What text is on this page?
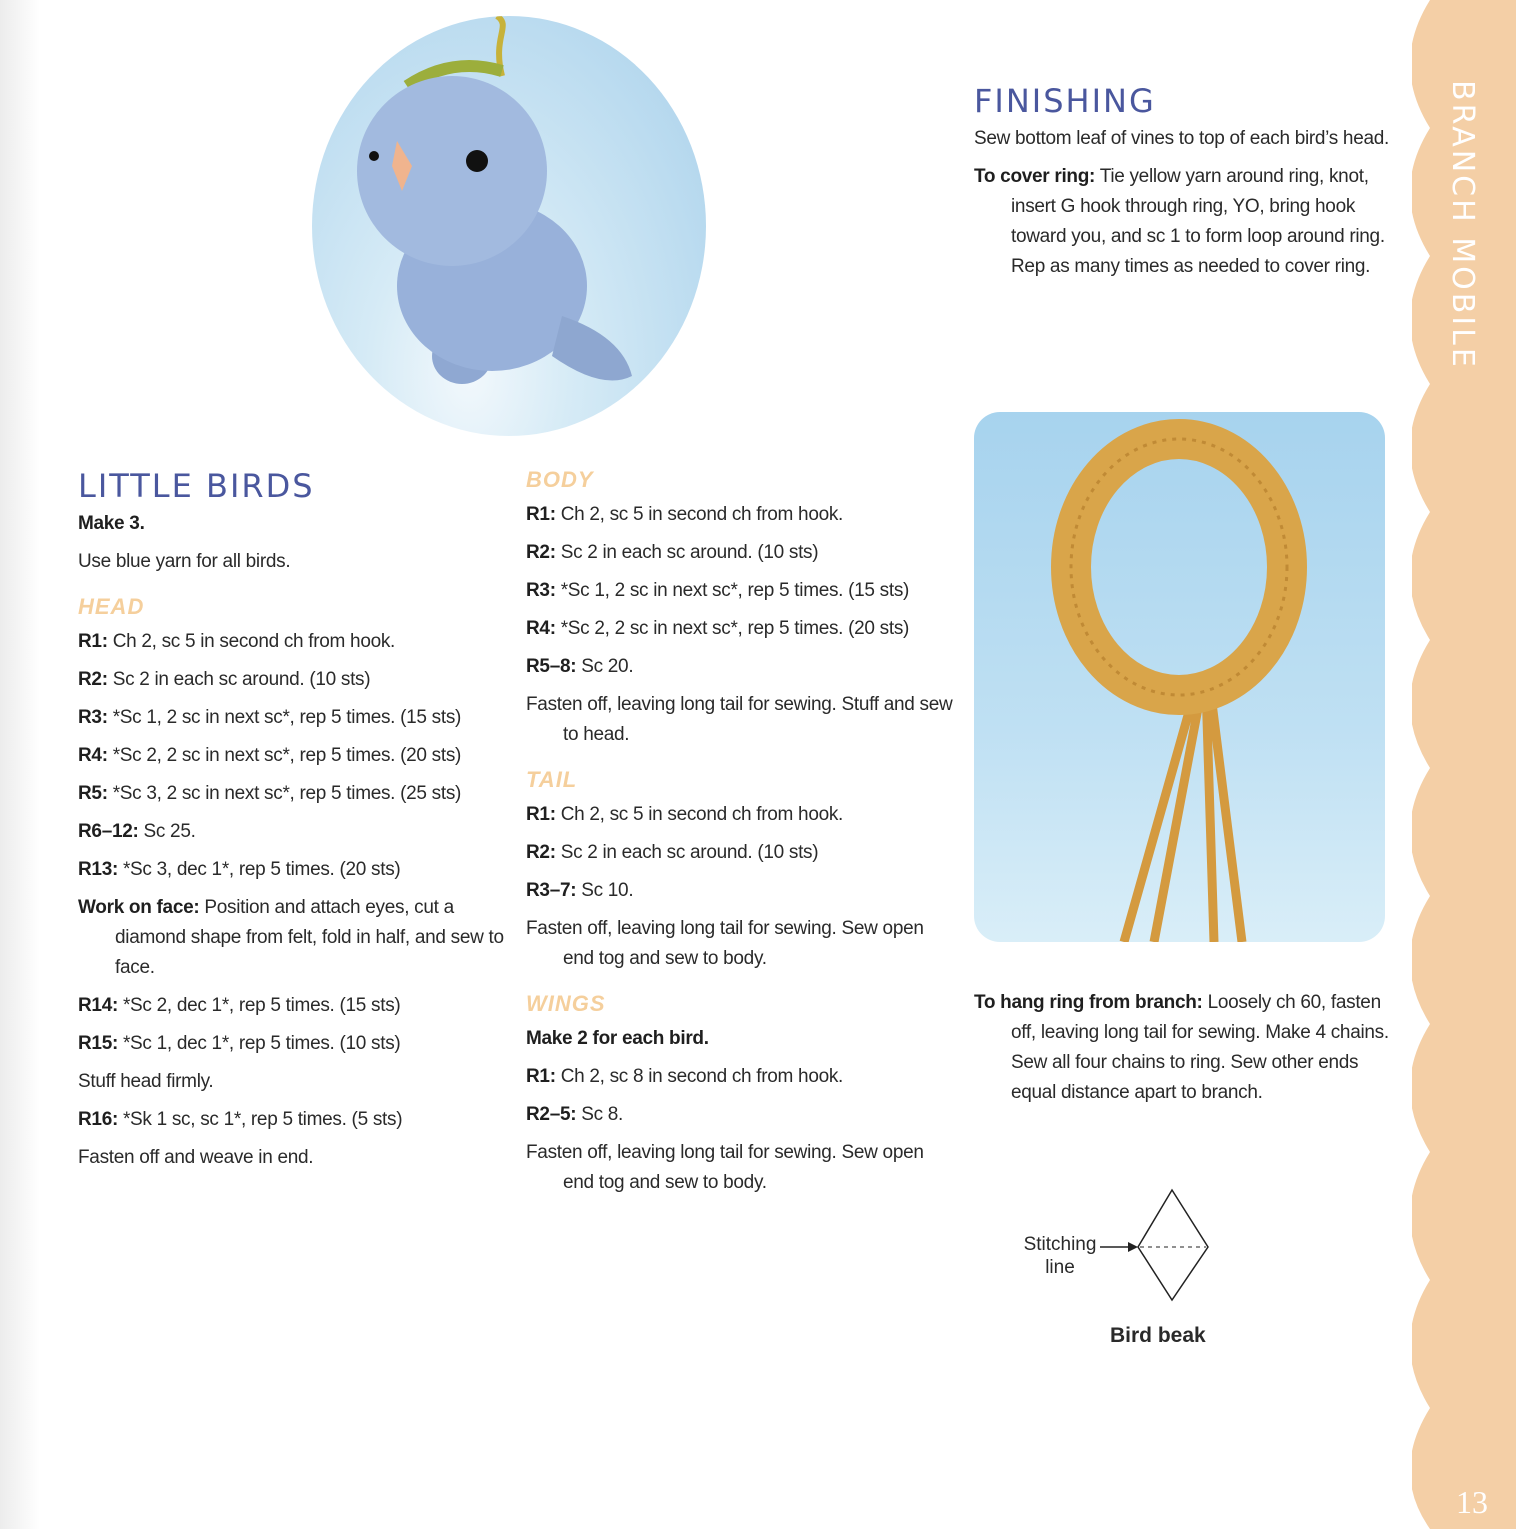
LITTLE BIRDS

Make 3.

Use blue yarn for all birds.

HEAD

R1: Ch 2, sc 5 in second ch from hook.

R2: Sc 2 in each sc around. (10 sts)

R3: *Sc 1, 2 sc in next sc*, rep 5 times. (15 sts)

R4: *Sc 2, 2 sc in next sc*, rep 5 times. (20 sts)

R5: *Sc 3, 2 sc in next sc*, rep 5 times. (25 sts)

R6–12: Sc 25.

R13: *Sc 3, dec 1*, rep 5 times. (20 sts)

Work on face: Position and attach eyes, cut a diamond shape from felt, fold in half, and sew to face.

R14: *Sc 2, dec 1*, rep 5 times. (15 sts)

R15: *Sc 1, dec 1*, rep 5 times. (10 sts)

Stuff head firmly.

R16: *Sk 1 sc, sc 1*, rep 5 times. (5 sts)

Fasten off and weave in end.

BODY

R1: Ch 2, sc 5 in second ch from hook.

R2: Sc 2 in each sc around. (10 sts)

R3: *Sc 1, 2 sc in next sc*, rep 5 times. (15 sts)

R4: *Sc 2, 2 sc in next sc*, rep 5 times. (20 sts)

R5–8: Sc 20.

Fasten off, leaving long tail for sewing. Stuff and sew to head.

TAIL

R1: Ch 2, sc 5 in second ch from hook.

R2: Sc 2 in each sc around. (10 sts)

R3–7: Sc 10.

Fasten off, leaving long tail for sewing. Sew open end tog and sew to body.

WINGS

Make 2 for each bird.

R1: Ch 2, sc 8 in second ch from hook.

R2–5: Sc 8.

Fasten off, leaving long tail for sewing. Sew open end tog and sew to body.

FINISHING

Sew bottom leaf of vines to top of each bird’s head.

To cover ring: Tie yellow yarn around ring, knot, insert G hook through ring, YO, bring hook toward you, and sc 1 to form loop around ring. Rep as many times as needed to cover ring.

To hang ring from branch: Loosely ch 60, fasten off, leaving long tail for sewing. Make 4 chains. Sew all four chains to ring. Sew other ends equal distance apart to branch.

Stitching
line
Bird beak
BRANCH MOBILE
13
